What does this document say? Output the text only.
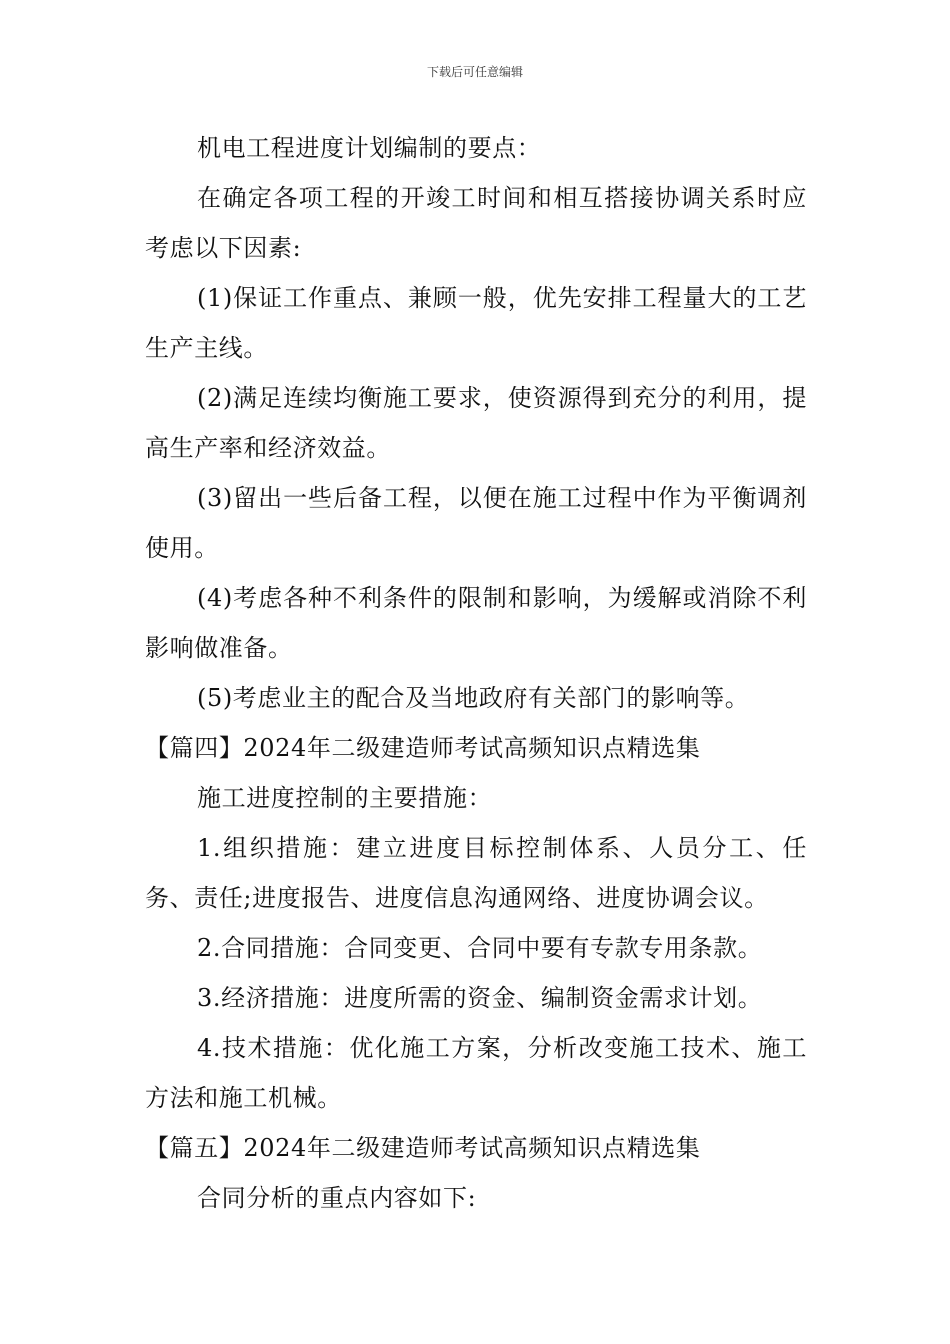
下载后可任意编辑

机电工程进度计划编制的要点：

在确定各项工程的开竣工时间和相互搭接协调关系时应考虑以下因素:

(1)保证工作重点、兼顾一般，优先安排工程量大的工艺生产主线。

(2)满足连续均衡施工要求，使资源得到充分的利用，提高生产率和经济效益。

(3)留出一些后备工程，以便在施工过程中作为平衡调剂使用。

(4)考虑各种不利条件的限制和影响，为缓解或消除不利影响做准备。

(5)考虑业主的配合及当地政府有关部门的影响等。

【篇四】2024年二级建造师考试高频知识点精选集

施工进度控制的主要措施：

1.组织措施：建立进度目标控制体系、人员分工、任务、责任;进度报告、进度信息沟通网络、进度协调会议。

2.合同措施：合同变更、合同中要有专款专用条款。

3.经济措施：进度所需的资金、编制资金需求计划。

4.技术措施：优化施工方案，分析改变施工技术、施工方法和施工机械。

【篇五】2024年二级建造师考试高频知识点精选集

合同分析的重点内容如下:
